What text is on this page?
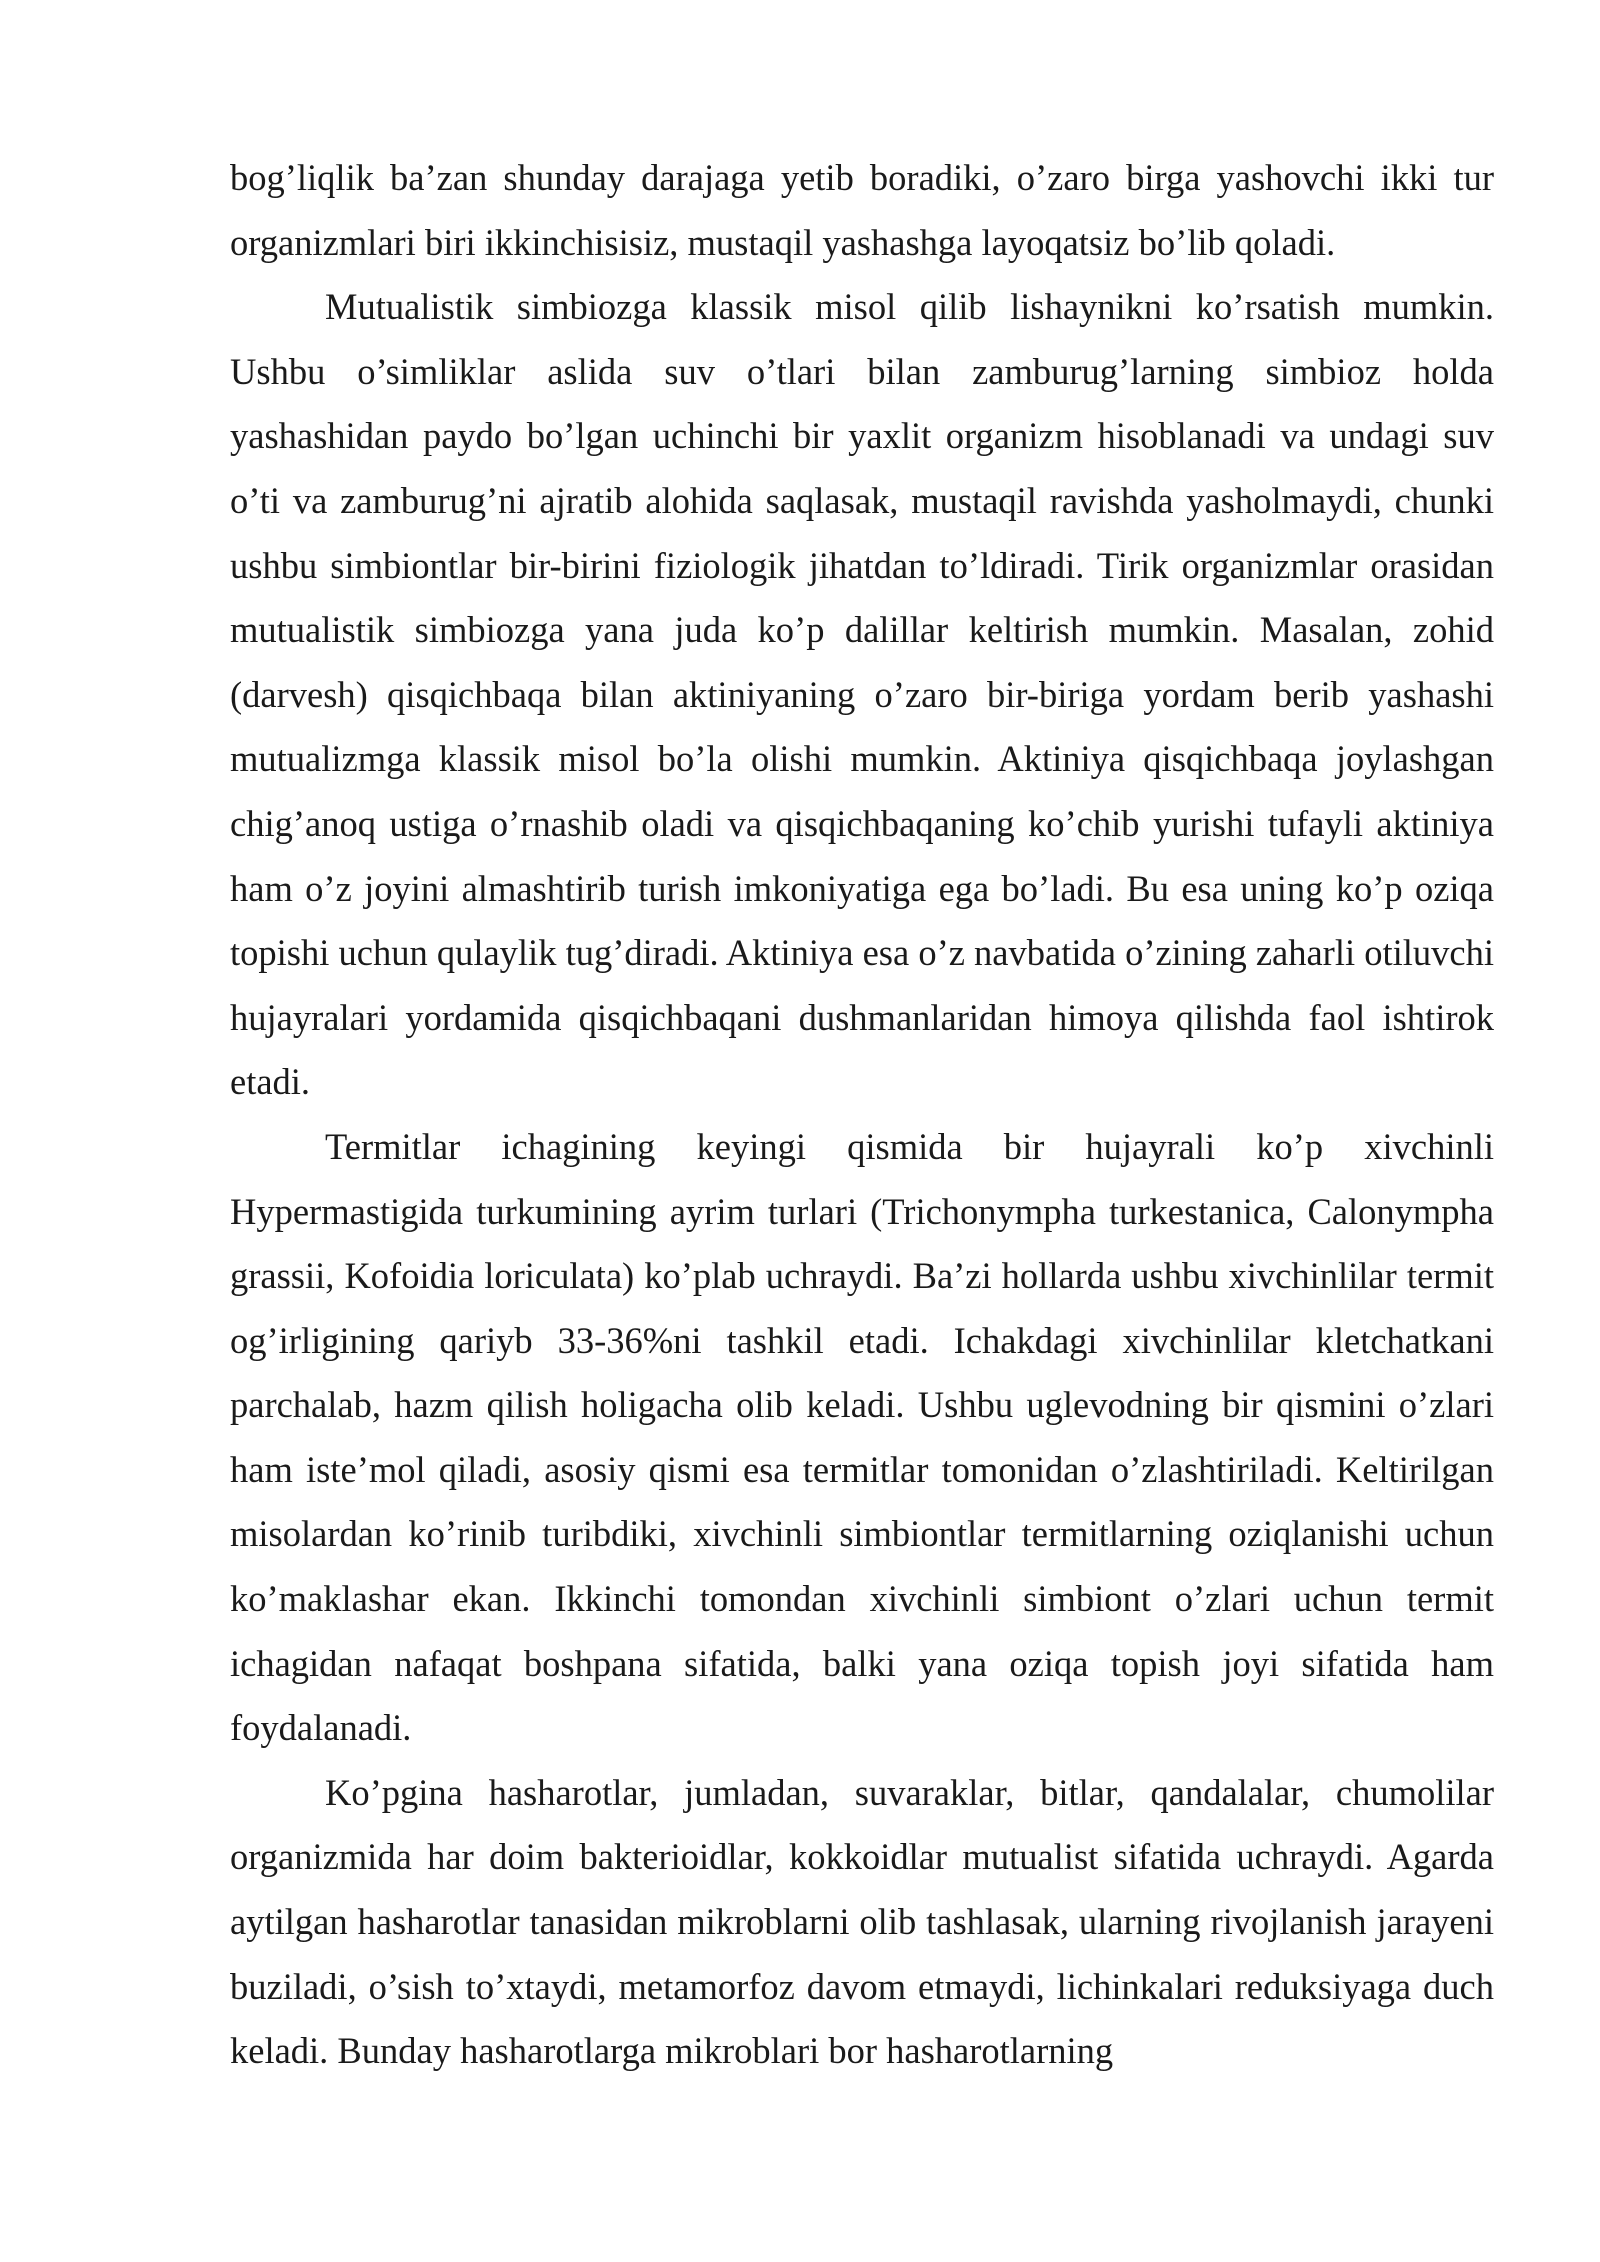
bog’liqlik ba’zan shunday darajaga yetib boradiki, o’zaro birga yashovchi ikki tur organizmlari biri ikkinchisisiz, mustaqil yashashga layoqatsiz bo’lib qoladi.

Mutualistik simbiozga klassik misol qilib lishaynikni ko’rsatish mumkin. Ushbu o’simliklar aslida suv o’tlari bilan zamburug’larning simbioz holda yashashidan paydo bo’lgan uchinchi bir yaxlit organizm hisoblanadi va undagi suv o’ti va zamburug’ni ajratib alohida saqlasak, mustaqil ravishda yasholmaydi, chunki ushbu simbiontlar bir-birini fiziologik jihatdan to’ldiradi. Tirik organizmlar orasidan mutualistik simbiozga yana juda ko’p dalillar keltirish mumkin. Masalan, zohid (darvesh) qisqichbaqa bilan aktiniyaning o’zaro bir-biriga yordam berib yashashi mutualizmga klassik misol bo’la olishi mumkin. Aktiniya qisqichbaqa joylashgan chig’anoq ustiga o’rnashib oladi va qisqichbaqaning ko’chib yurishi tufayli aktiniya ham o’z joyini almashtirib turish imkoniyatiga ega bo’ladi. Bu esa uning ko’p oziqa topishi uchun qulaylik tug’diradi. Aktiniya esa o’z navbatida o’zining zaharli otiluvchi hujayralari yordamida qisqichbaqani dushmanlaridan himoya qilishda faol ishtirok etadi.

Termitlar ichagining keyingi qismida bir hujayrali ko’p xivchinli Hypermastigida turkumining ayrim turlari (Trichonympha turkestanica, Calonympha grassii, Kofoidia loriculata) ko’plab uchraydi. Ba’zi hollarda ushbu xivchinlilar termit og’irligining qariyb 33-36%ni tashkil etadi. Ichakdagi xivchinlilar kletchatkani parchalab, hazm qilish holigacha olib keladi. Ushbu uglevodning bir qismini o’zlari ham iste’mol qiladi, asosiy qismi esa termitlar tomonidan o’zlashtiriladi. Keltirilgan misolardan ko’rinib turibdiki, xivchinli simbiontlar termitlarning oziqlanishi uchun ko’maklashar ekan. Ikkinchi tomondan xivchinli simbiont o’zlari uchun termit ichagidan nafaqat boshpana sifatida, balki yana oziqa topish joyi sifatida ham foydalanadi.

Ko’pgina hasharotlar, jumladan, suvaraklar, bitlar, qandalalar, chumolilar organizmida har doim bakterioidlar, kokkoidlar mutualist sifatida uchraydi. Agarda aytilgan hasharotlar tanasidan mikroblarni olib tashlasak, ularning rivojlanish jarayeni buziladi, o’sish to’xtaydi, metamorfoz davom etmaydi, lichinkalari reduksiyaga duch keladi. Bunday hasharotlarga mikroblari bor hasharotlarning
